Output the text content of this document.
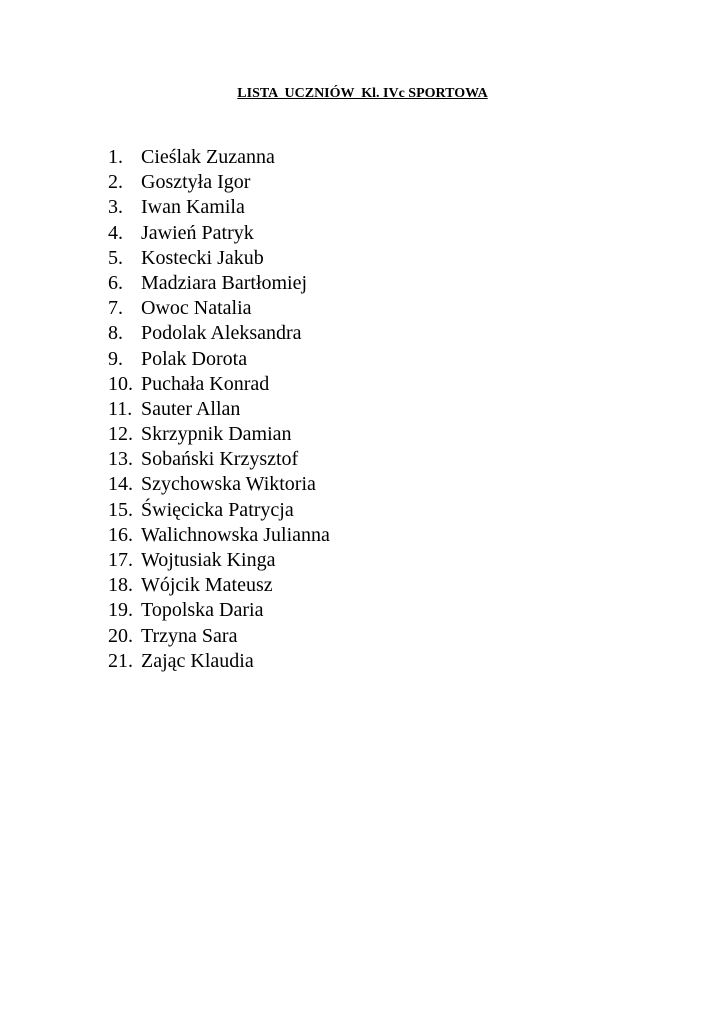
LISTA  UCZNIÓW  Kl. IVc SPORTOWA
1. Cieślak Zuzanna
2. Gosztyła Igor
3. Iwan Kamila
4. Jawień Patryk
5. Kostecki Jakub
6. Madziara Bartłomiej
7. Owoc Natalia
8. Podolak Aleksandra
9. Polak Dorota
10. Puchała Konrad
11. Sauter Allan
12. Skrzypnik Damian
13. Sobański Krzysztof
14. Szychowska Wiktoria
15. Święcicka Patrycja
16. Walichnowska Julianna
17. Wojtusiak Kinga
18. Wójcik Mateusz
19. Topolska Daria
20. Trzyna Sara
21. Zając Klaudia
